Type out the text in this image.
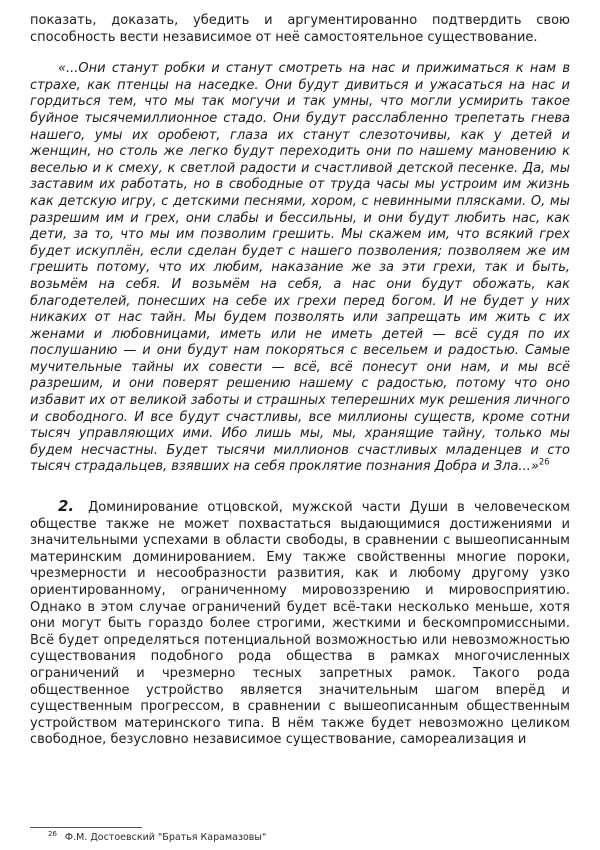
показать, доказать, убедить и аргументированно подтвердить свою способность вести независимое от неё самостоятельное существование.

«...Они станут робки и станут смотреть на нас и прижиматься к нам в страхе, как птенцы на наседке. Они будут дивиться и ужасаться на нас и гордиться тем, что мы так могучи и так умны, что могли усмирить такое буйное тысячемиллионное стадо. Они будут расслабленно трепетать гнева нашего, умы их оробеют, глаза их станут слезоточивы, как у детей и женщин, но столь же легко будут переходить они по нашему мановению к веселью и к смеху, к светлой радости и счастливой детской песенке. Да, мы заставим их работать, но в свободные от труда часы мы устроим им жизнь как детскую игру, с детскими песнями, хором, с невинными плясками. О, мы разрешим им и грех, они слабы и бессильны, и они будут любить нас, как дети, за то, что мы им позволим грешить. Мы скажем им, что всякий грех будет искуплён, если сделан будет с нашего позволения; позволяем же им грешить потому, что их любим, наказание же за эти грехи, так и быть, возьмём на себя. И возьмём на себя, а нас они будут обожать, как благодетелей, понесших на себе их грехи перед богом. И не будет у них никаких от нас тайн. Мы будем позволять или запрещать им жить с их женами и любовницами, иметь или не иметь детей — всё судя по их послушанию — и они будут нам покоряться с весельем и радостью. Самые мучительные тайны их совести — всё, всё понесут они нам, и мы всё разрешим, и они поверят решению нашему с радостью, потому что оно избавит их от великой заботы и страшных теперешних мук решения личного и свободного. И все будут счастливы, все миллионы существ, кроме сотни тысяч управляющих ими. Ибо лишь мы, мы, хранящие тайну, только мы будем несчастны. Будет тысячи миллионов счастливых младенцев и сто тысяч страдальцев, взявших на себя проклятие познания Добра и Зла...»$^{26}$

2. Доминирование отцовской, мужской части Души в человеческом обществе также не может похвастаться выдающимися достижениями и значительными успехами в области свободы, в сравнении с вышеописанным материнским доминированием. Ему также свойственны многие пороки, чрезмерности и несообразности развития, как и любому другому узко ориентированному, ограниченному мировоззрению и мировосприятию. Однако в этом случае ограничений будет всё-таки несколько меньше, хотя они могут быть гораздо более строгими, жесткими и бескомпромиссными. Всё будет определяться потенциальной возможностью или невозможностью существования подобного рода общества в рамках многочисленных ограничений и чрезмерно тесных запретных рамок. Такого рода общественное устройство является значительным шагом вперёд и существенным прогрессом, в сравнении с вышеописанным общественным устройством материнского типа. В нём также будет невозможно целиком свободное, безусловно независимое существование, самореализация и

$^{26}$ Ф.М. Достоевский "Братья Карамазовы"
